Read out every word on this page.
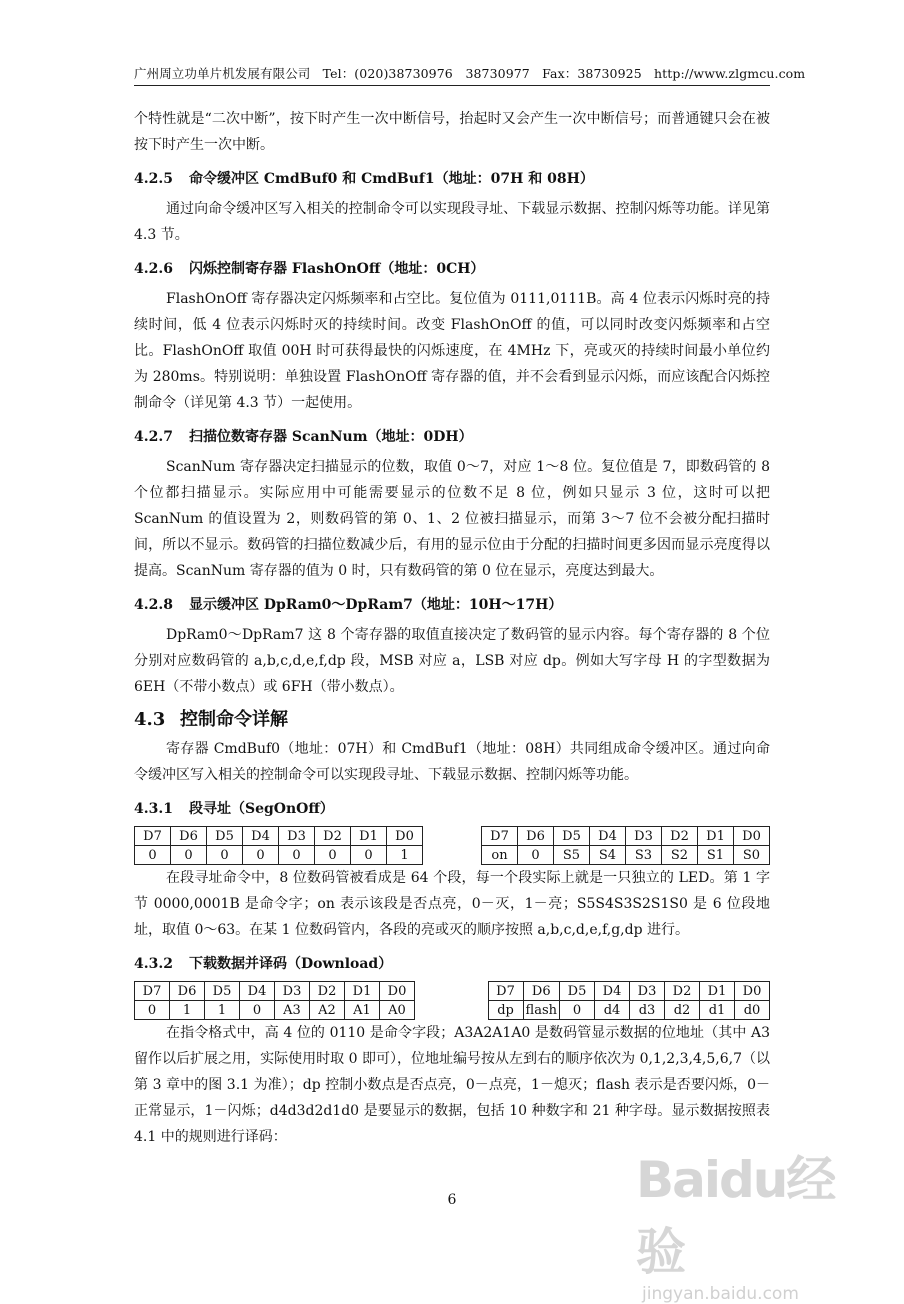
广州周立功单片机发展有限公司 Tel：(020)38730976　38730977 Fax：38730925 http://www.zlgmcu.com

个特性就是“二次中断”，按下时产生一次中断信号，抬起时又会产生一次中断信号；而普通键只会在被按下时产生一次中断。

4.2.5 命令缓冲区 CmdBuf0 和 CmdBuf1（地址：07H 和 08H）

通过向命令缓冲区写入相关的控制命令可以实现段寻址、下载显示数据、控制闪烁等功能。详见第 4.3 节。

4.2.6 闪烁控制寄存器 FlashOnOff（地址：0CH）

FlashOnOff 寄存器决定闪烁频率和占空比。复位值为 0111,0111B。高 4 位表示闪烁时亮的持续时间，低 4 位表示闪烁时灭的持续时间。改变 FlashOnOff 的值，可以同时改变闪烁频率和占空比。FlashOnOff 取值 00H 时可获得最快的闪烁速度，在 4MHz 下，亮或灭的持续时间最小单位约为 280ms。特别说明：单独设置 FlashOnOff 寄存器的值，并不会看到显示闪烁，而应该配合闪烁控制命令（详见第 4.3 节）一起使用。

4.2.7 扫描位数寄存器 ScanNum（地址：0DH）

ScanNum 寄存器决定扫描显示的位数，取值 0～7，对应 1～8 位。复位值是 7，即数码管的 8 个位都扫描显示。实际应用中可能需要显示的位数不足 8 位，例如只显示 3 位，这时可以把 ScanNum 的值设置为 2，则数码管的第 0、1、2 位被扫描显示，而第 3～7 位不会被分配扫描时间，所以不显示。数码管的扫描位数减少后，有用的显示位由于分配的扫描时间更多因而显示亮度得以提高。ScanNum 寄存器的值为 0 时，只有数码管的第 0 位在显示，亮度达到最大。

4.2.8 显示缓冲区 DpRam0～DpRam7（地址：10H～17H）

DpRam0～DpRam7 这 8 个寄存器的取值直接决定了数码管的显示内容。每个寄存器的 8 个位分别对应数码管的 a,b,c,d,e,f,dp 段，MSB 对应 a，LSB 对应 dp。例如大写字母 H 的字型数据为 6EH（不带小数点）或 6FH（带小数点）。

4.3 控制命令详解

寄存器 CmdBuf0（地址：07H）和 CmdBuf1（地址：08H）共同组成命令缓冲区。通过向命令缓冲区写入相关的控制命令可以实现段寻址、下载显示数据、控制闪烁等功能。

4.3.1 段寻址（SegOnOff）
D7	D6	D5	D4	D3	D2	D1	D0
0	0	0	0	0	0	0	1
D7	D6	D5	D4	D3	D2	D1	D0
on	0	S5	S4	S3	S2	S1	S0

在段寻址命令中，8 位数码管被看成是 64 个段，每一个段实际上就是一只独立的 LED。第 1 字节 0000,0001B 是命令字；on 表示该段是否点亮，0－灭，1－亮；S5S4S3S2S1S0 是 6 位段地址，取值 0～63。在某 1 位数码管内，各段的亮或灭的顺序按照 a,b,c,d,e,f,g,dp 进行。

4.3.2 下载数据并译码（Download）
D7	D6	D5	D4	D3	D2	D1	D0
0	1	1	0	A3	A2	A1	A0
D7	D6	D5	D4	D3	D2	D1	D0
dp	flash	0	d4	d3	d2	d1	d0

在指令格式中，高 4 位的 0110 是命令字段；A3A2A1A0 是数码管显示数据的位地址（其中 A3 留作以后扩展之用，实际使用时取 0 即可），位地址编号按从左到右的顺序依次为 0,1,2,3,4,5,6,7（以第 3 章中的图 3.1 为准）；dp 控制小数点是否点亮，0－点亮，1－熄灭；flash 表示是否要闪烁，0－正常显示，1－闪烁；d4d3d2d1d0 是要显示的数据，包括 10 种数字和 21 种字母。显示数据按照表 4.1 中的规则进行译码：

6	Baidu经验
jingyan.baidu.com
